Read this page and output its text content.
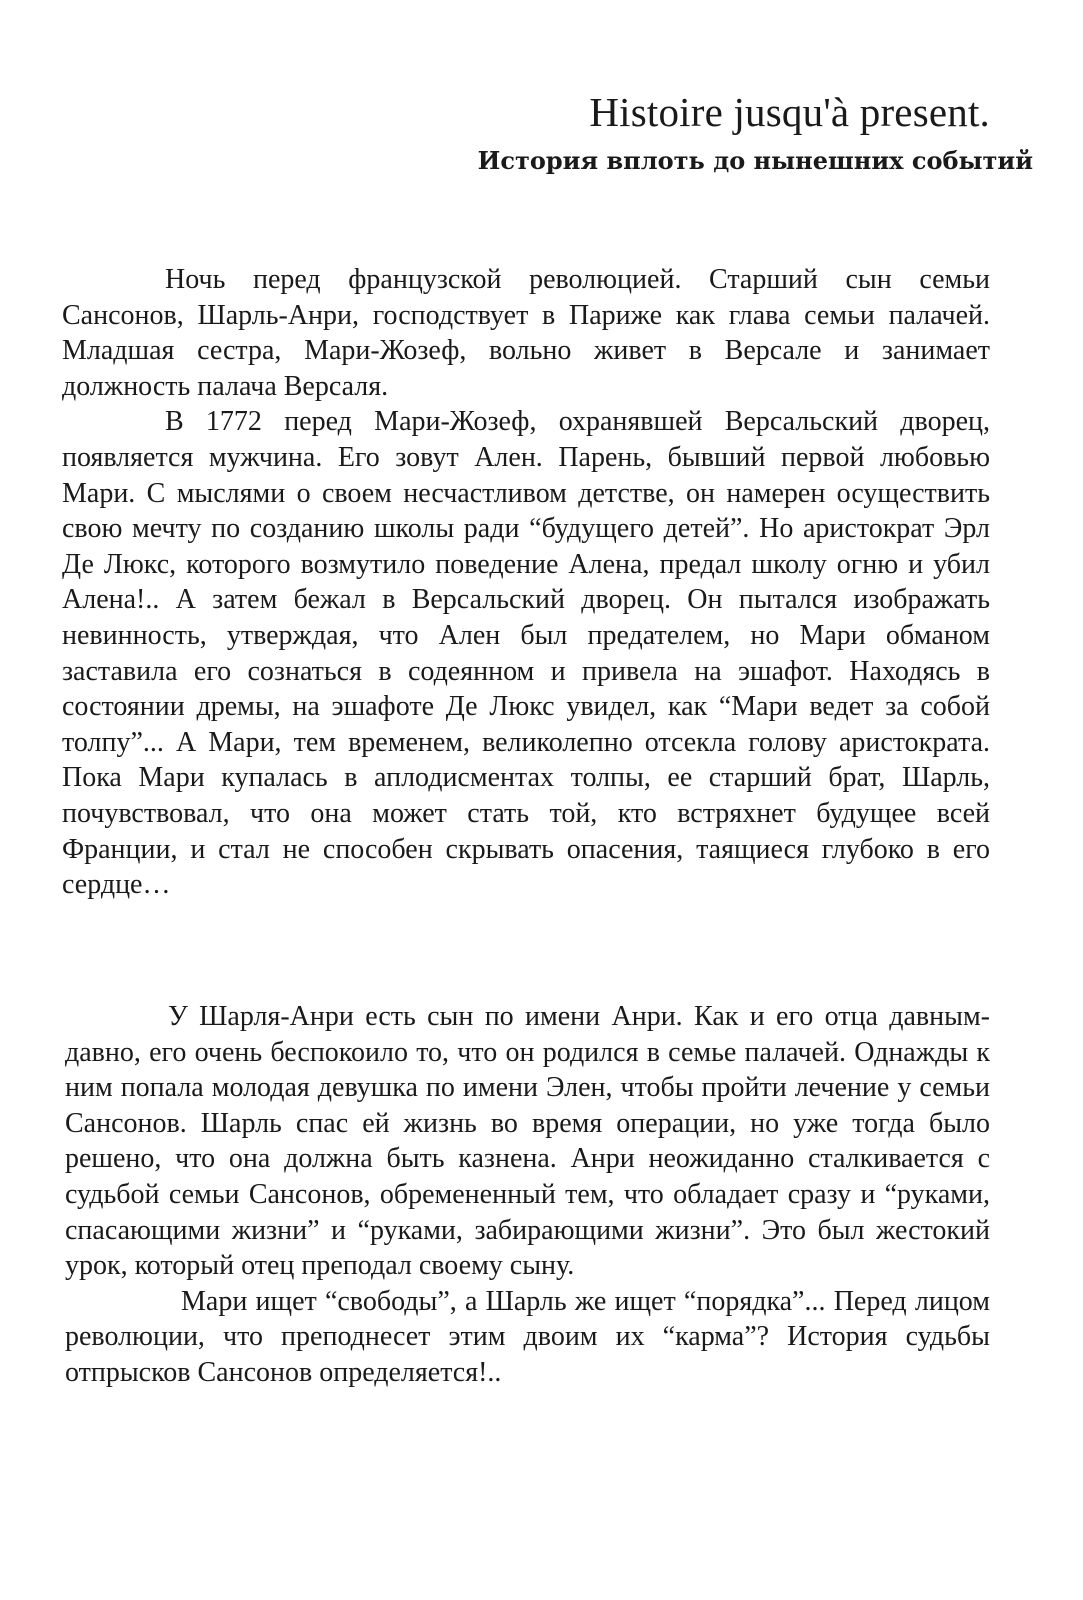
Histoire jusqu'à present.
История вплоть до нынешних событий

Ночь перед французской революцией. Старший сын семьи Сансонов, Шарль-Анри, господствует в Париже как глава семьи палачей. Младшая сестра, Мари-Жозеф, вольно живет в Версале и занимает должность палача Версаля.

В 1772 перед Мари-Жозеф, охранявшей Версальский дворец, появляется мужчина. Его зовут Ален. Парень, бывший первой любовью Мари. С мыслями о своем несчастливом детстве, он намерен осуществить свою мечту по созданию школы ради “будущего детей”. Но аристократ Эрл Де Люкс, которого возмутило поведение Алена, предал школу огню и убил Алена!.. А затем бежал в Версальский дворец. Он пытался изображать невинность, утверждая, что Ален был предателем, но Мари обманом заставила его сознаться в содеянном и привела на эшафот. Находясь в состоянии дремы, на эшафоте Де Люкс увидел, как “Мари ведет за собой толпу”... А Мари, тем временем, великолепно отсекла голову аристократа. Пока Мари купалась в аплодисментах толпы, ее старший брат, Шарль, почувствовал, что она может стать той, кто встряхнет будущее всей Франции, и стал не способен скрывать опасения, таящиеся глубоко в его сердце…

У Шарля-Анри есть сын по имени Анри. Как и его отца давным-давно, его очень беспокоило то, что он родился в семье палачей. Однажды к ним попала молодая девушка по имени Элен, чтобы пройти лечение у семьи Сансонов. Шарль спас ей жизнь во время операции, но уже тогда было решено, что она должна быть казнена. Анри неожиданно сталкивается с судьбой семьи Сансонов, обремененный тем, что обладает сразу и “руками, спасающими жизни” и “руками, забирающими жизни”. Это был жестокий урок, который отец преподал своему сыну.

Мари ищет “свободы”, а Шарль же ищет “порядка”... Перед лицом революции, что преподнесет этим двоим их “карма”? История судьбы отпрысков Сансонов определяется!..
